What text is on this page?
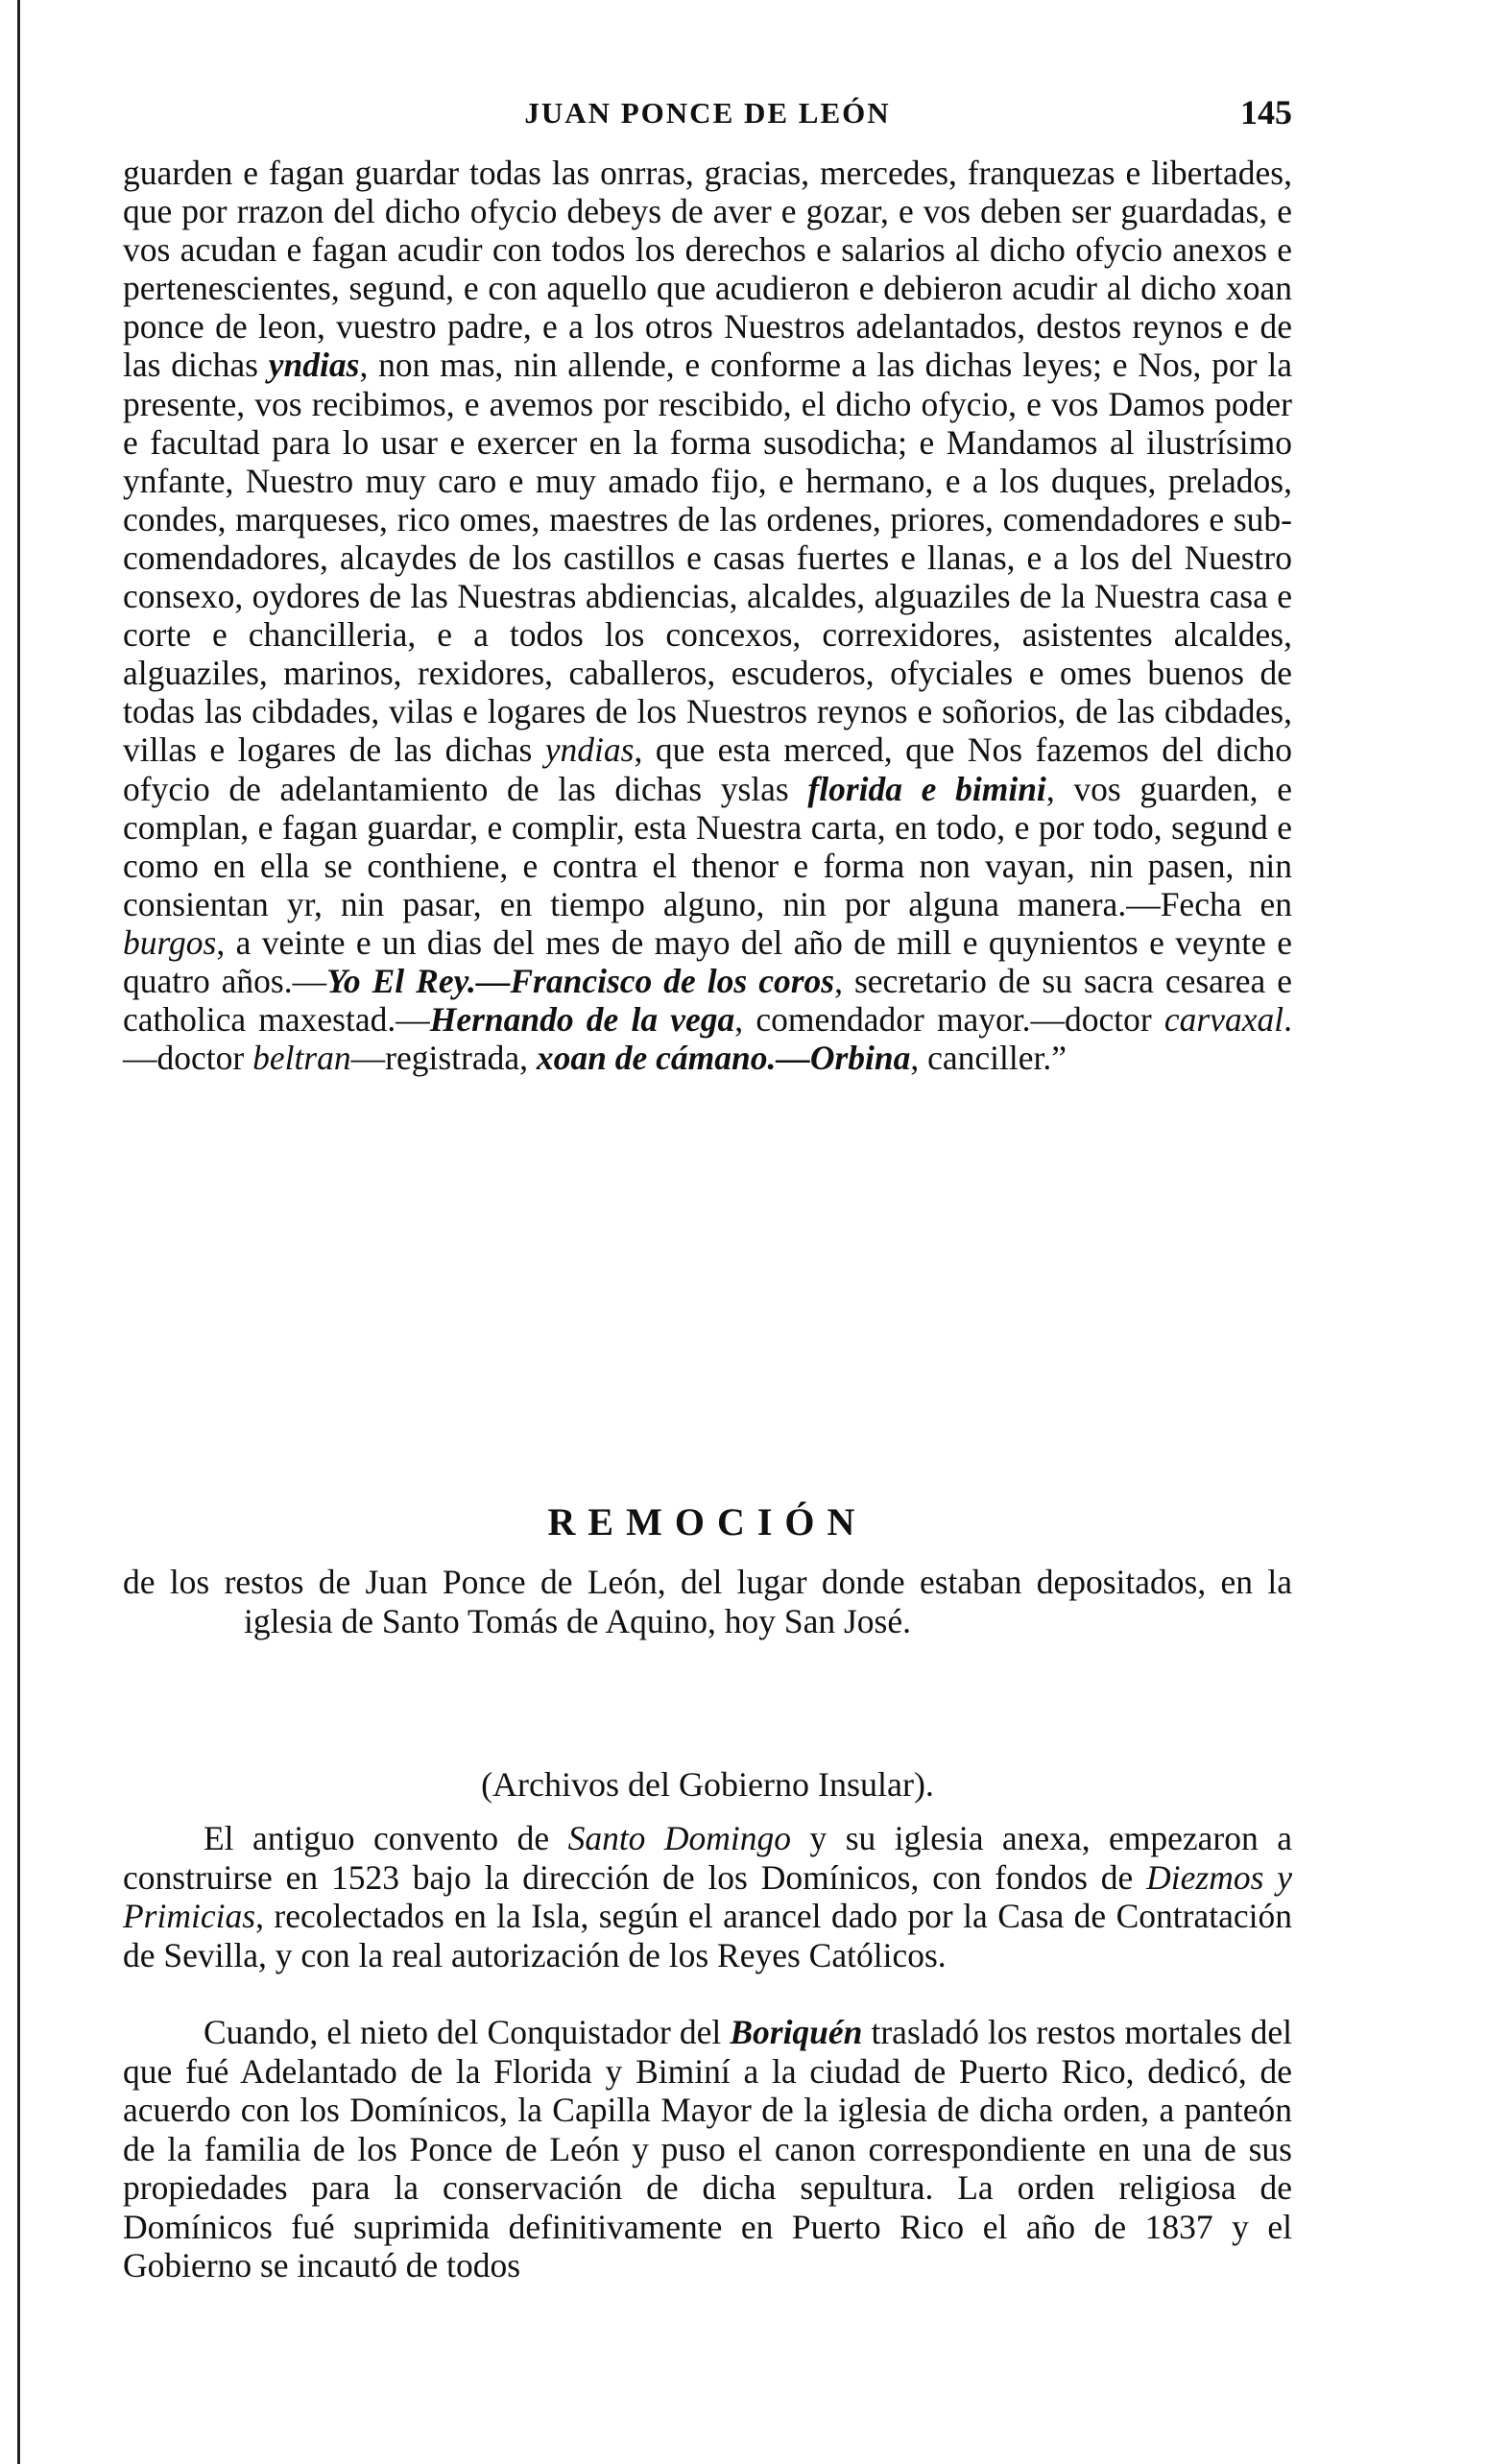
JUAN PONCE DE LEÓN	145

guarden e fagan guardar todas las onrras, gracias, mercedes, franquezas e libertades, que por rrazon del dicho ofycio debeys de aver e gozar, e vos deben ser guardadas, e vos acudan e fagan acudir con todos los derechos e salarios al dicho ofycio anexos e pertenescientes, segund, e con aquello que acudieron e debieron acudir al dicho xoan ponce de leon, vuestro padre, e a los otros Nuestros adelantados, destos reynos e de las dichas yndias, non mas, nin allende, e conforme a las dichas leyes; e Nos, por la presente, vos recibimos, e avemos por rescibido, el dicho ofycio, e vos Damos poder e facultad para lo usar e exercer en la forma susodicha; e Mandamos al ilustrísimo ynfante, Nuestro muy caro e muy amado fijo, e hermano, e a los duques, prelados, condes, marqueses, rico omes, maestres de las ordenes, priores, comendadores e sub-comendadores, alcaydes de los castillos e casas fuertes e llanas, e a los del Nuestro consexo, oydores de las Nuestras abdiencias, alcaldes, alguaziles de la Nuestra casa e corte e chancilleria, e a todos los concexos, correxidores, asistentes alcaldes, alguaziles, marinos, rexidores, caballeros, escuderos, ofyciales e omes buenos de todas las cibdades, vilas e logares de los Nuestros reynos e soñorios, de las cibdades, villas e logares de las dichas yndias, que esta merced, que Nos fazemos del dicho ofycio de adelantamiento de las dichas yslas florida e bimini, vos guarden, e complan, e fagan guardar, e complir, esta Nuestra carta, en todo, e por todo, segund e como en ella se conthiene, e contra el thenor e forma non vayan, nin pasen, nin consientan yr, nin pasar, en tiempo alguno, nin por alguna manera.—Fecha en burgos, a veinte e un dias del mes de mayo del año de mill e quynientos e veynte e quatro años.—Yo El Rey.—Francisco de los coros, secretario de su sacra cesarea e catholica maxestad.—Hernando de la vega, comendador mayor.—doctor carvaxal.—doctor beltran—registrada, xoan de cámano.—Orbina, canciller.”

REMOCIÓN

de los restos de Juan Ponce de León, del lugar donde estaban depositados, en la iglesia de Santo Tomás de Aquino, hoy San José.

(Archivos del Gobierno Insular).

El antiguo convento de Santo Domingo y su iglesia anexa, empezaron a construirse en 1523 bajo la dirección de los Domínicos, con fondos de Diezmos y Primicias, recolectados en la Isla, según el arancel dado por la Casa de Contratación de Sevilla, y con la real autorización de los Reyes Católicos.

Cuando, el nieto del Conquistador del Boriquén trasladó los restos mortales del que fué Adelantado de la Florida y Biminí a la ciudad de Puerto Rico, dedicó, de acuerdo con los Domínicos, la Capilla Mayor de la iglesia de dicha orden, a panteón de la familia de los Ponce de León y puso el canon correspondiente en una de sus propiedades para la conservación de dicha sepultura. La orden religiosa de Domínicos fué suprimida definitivamente en Puerto Rico el año de 1837 y el Gobierno se incautó de todos
